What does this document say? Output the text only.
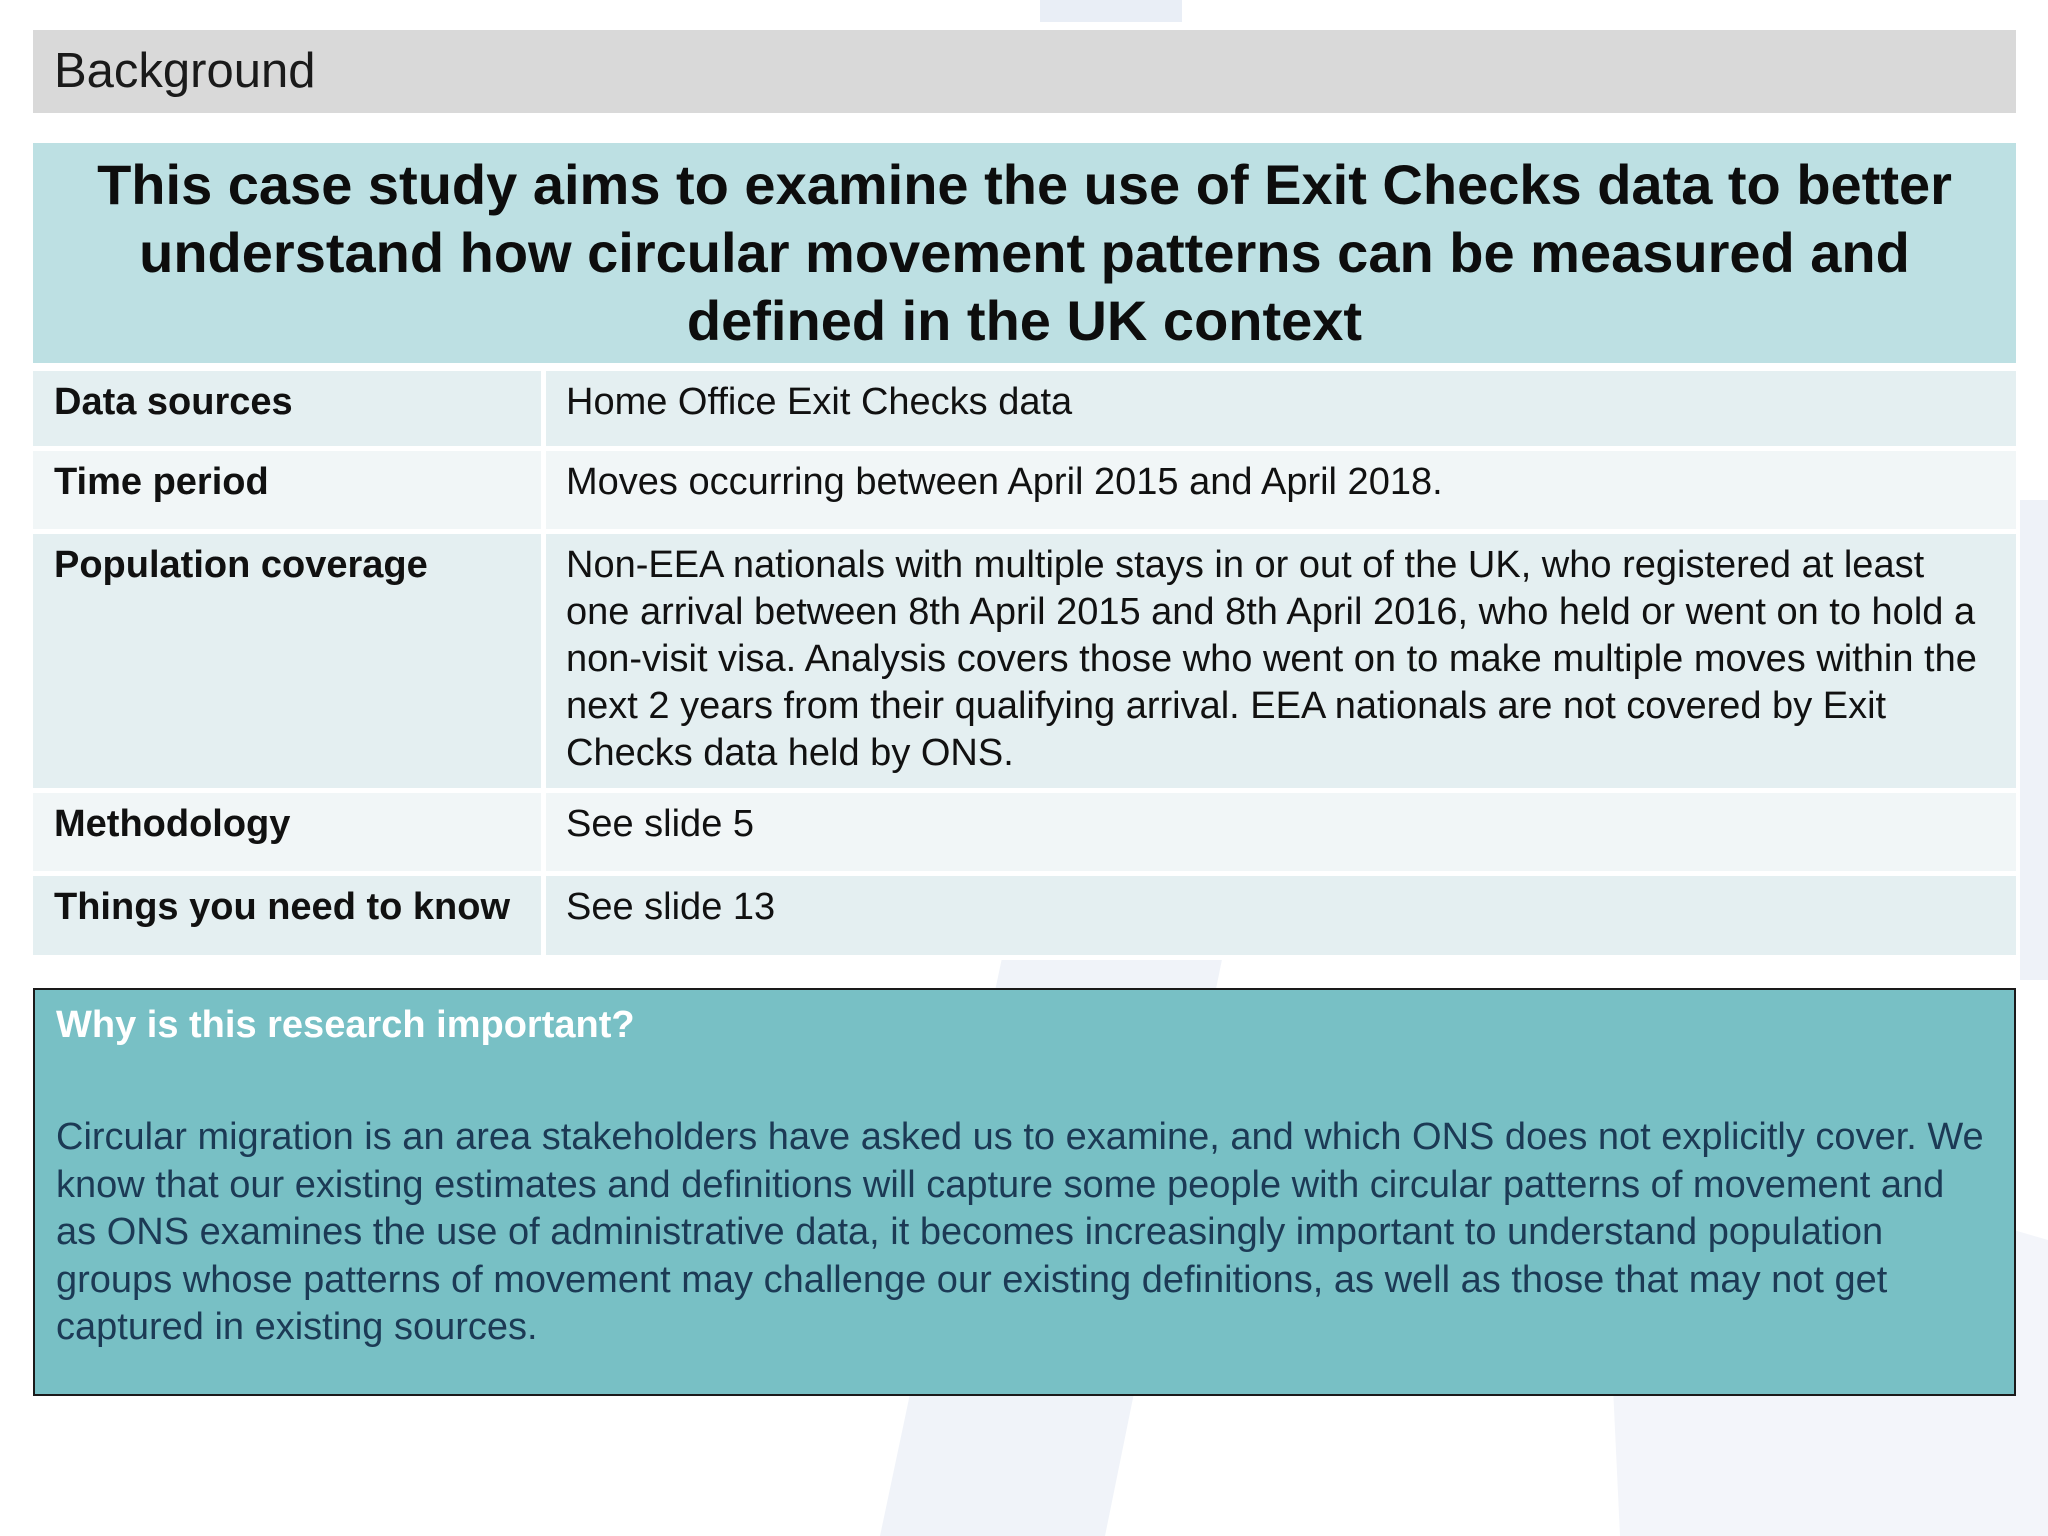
Background
This case study aims to examine the use of Exit Checks data to better understand how circular movement patterns can be measured and defined in the UK context
Data sources	Home Office Exit Checks data
Time period	Moves occurring between April 2015 and April 2018.
Population coverage	Non-EEA nationals with multiple stays in or out of the UK, who registered at least one arrival between 8th April 2015 and 8th April 2016, who held or went on to hold a non-visit visa. Analysis covers those who went on to make multiple moves within the next 2 years from their qualifying arrival. EEA nationals are not covered by Exit Checks data held by ONS.
Methodology	See slide 5
Things you need to know	See slide 13
Why is this research important?
Circular migration is an area stakeholders have asked us to examine, and which ONS does not explicitly cover. We know that our existing estimates and definitions will capture some people with circular patterns of movement and as ONS examines the use of administrative data, it becomes increasingly important to understand population groups whose patterns of movement may challenge our existing definitions, as well as those that may not get captured in existing sources.
